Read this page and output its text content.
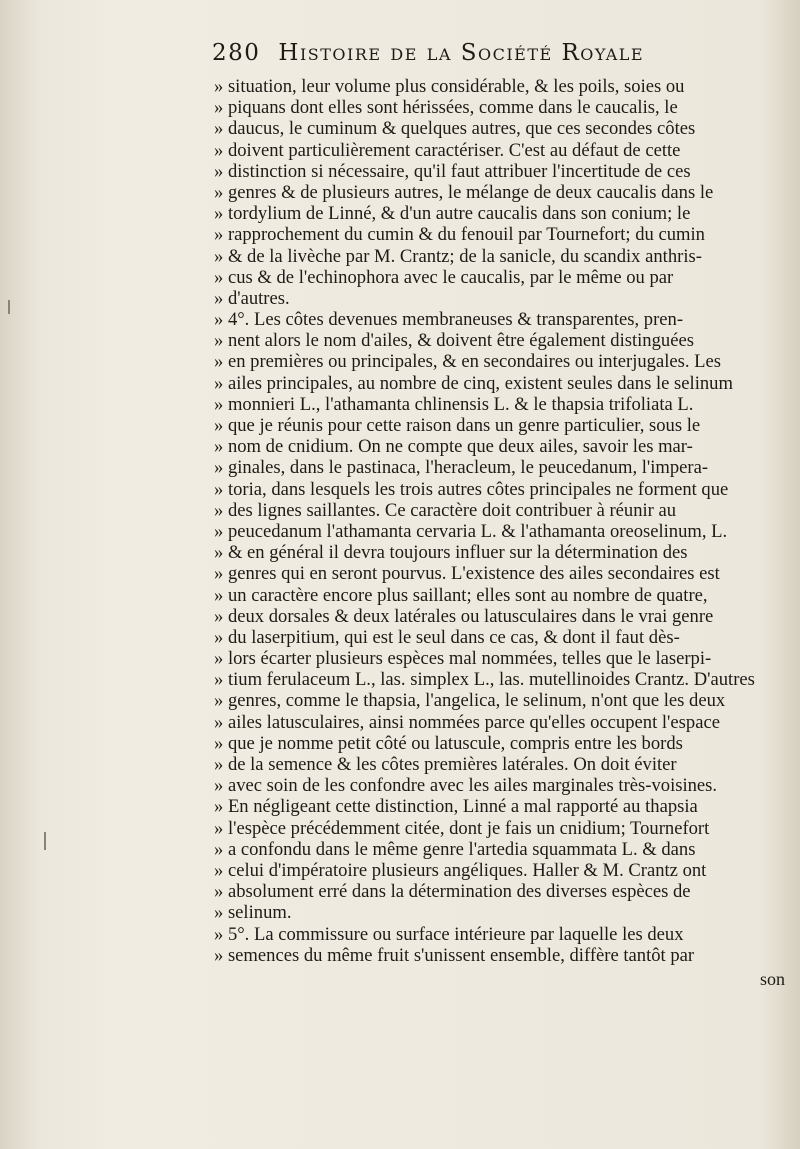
280 Histoire de la Société Royale
» situation, leur volume plus considérable, & les poils, soies ou
» piquans dont elles sont hérissées, comme dans le caucalis, le
» daucus, le cuminum & quelques autres, que ces secondes côtes
» doivent particulièrement caractériser. C'est au défaut de cette
» distinction si nécessaire, qu'il faut attribuer l'incertitude de ces
» genres & de plusieurs autres, le mélange de deux caucalis dans le
» tordylium de Linné, & d'un autre caucalis dans son conium; le
» rapprochement du cumin & du fenouil par Tournefort; du cumin
» & de la livèche par M. Crantz; de la sanicle, du scandix anthris-
» cus & de l'echinophora avec le caucalis, par le même ou par
» d'autres.
» 4°. Les côtes devenues membraneuses & transparentes, pren-
» nent alors le nom d'ailes, & doivent être également distinguées
» en premières ou principales, & en secondaires ou interjugales. Les
» ailes principales, au nombre de cinq, existent seules dans le selinum
» monnieri L., l'athamanta chlinensis L. & le thapsia trifoliata L.
» que je réunis pour cette raison dans un genre particulier, sous le
» nom de cnidium. On ne compte que deux ailes, savoir les mar-
» ginales, dans le pastinaca, l'heracleum, le peucedanum, l'impera-
» toria, dans lesquels les trois autres côtes principales ne forment que
» des lignes saillantes. Ce caractère doit contribuer à réunir au
» peucedanum l'athamanta cervaria L. & l'athamanta oreoselinum, L.
» & en général il devra toujours influer sur la détermination des
» genres qui en seront pourvus. L'existence des ailes secondaires est
» un caractère encore plus saillant; elles sont au nombre de quatre,
» deux dorsales & deux latérales ou latusculaires dans le vrai genre
» du laserpitium, qui est le seul dans ce cas, & dont il faut dès-
» lors écarter plusieurs espèces mal nommées, telles que le laserpi-
» tium ferulaceum L., las. simplex L., las. mutellinoides Crantz. D'autres
» genres, comme le thapsia, l'angelica, le selinum, n'ont que les deux
» ailes latusculaires, ainsi nommées parce qu'elles occupent l'espace
» que je nomme petit côté ou latuscule, compris entre les bords
» de la semence & les côtes premières latérales. On doit éviter
» avec soin de les confondre avec les ailes marginales très-voisines.
» En négligeant cette distinction, Linné a mal rapporté au thapsia
» l'espèce précédemment citée, dont je fais un cnidium; Tournefort
» a confondu dans le même genre l'artedia squammata L. & dans
» celui d'impératoire plusieurs angéliques. Haller & M. Crantz ont
» absolument erré dans la détermination des diverses espèces de
» selinum.
» 5°. La commissure ou surface intérieure par laquelle les deux
» semences du même fruit s'unissent ensemble, diffère tantôt par
son
